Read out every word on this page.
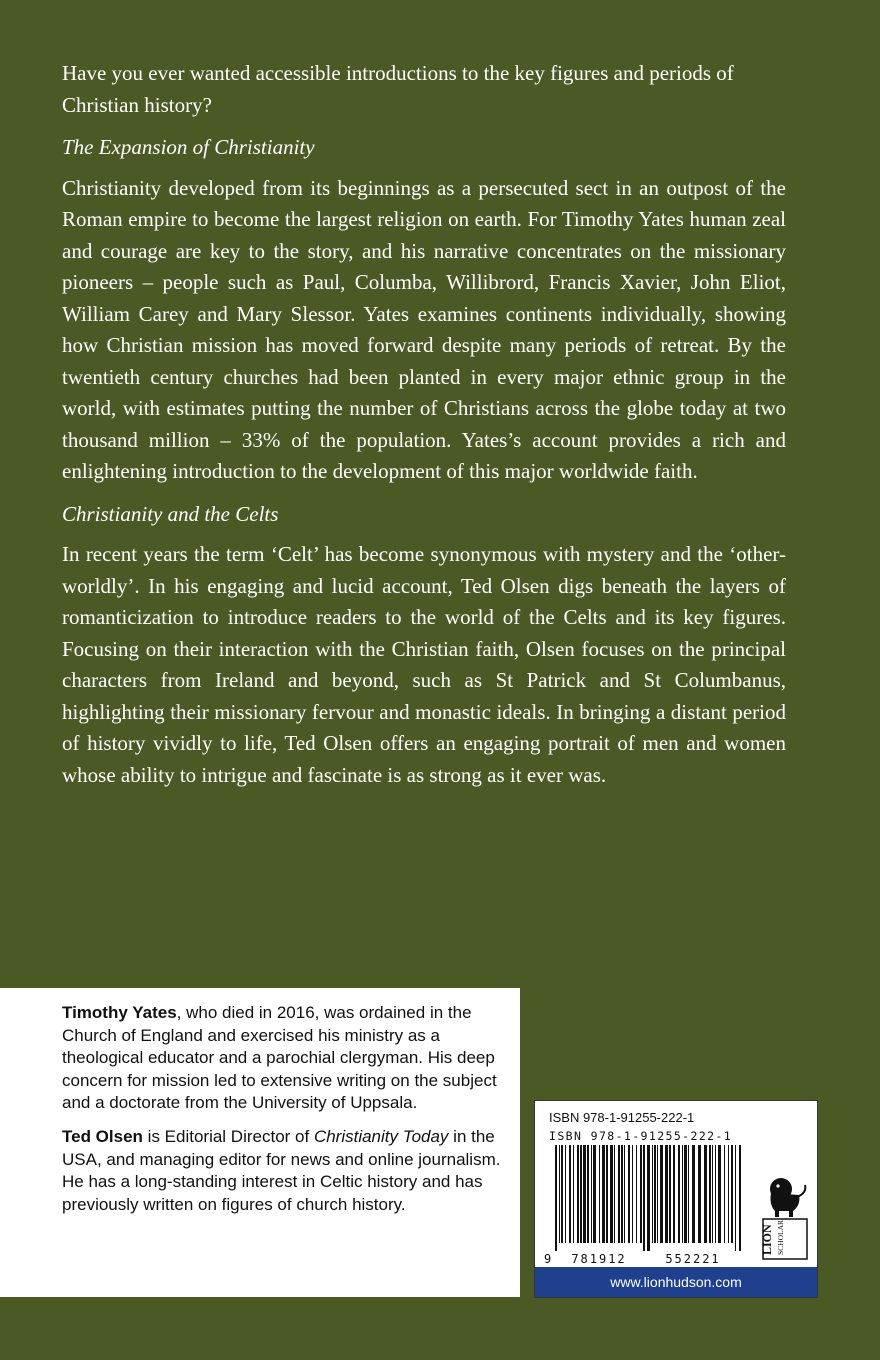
Have you ever wanted accessible introductions to the key figures and periods of Christian history?

The Expansion of Christianity

Christianity developed from its beginnings as a persecuted sect in an outpost of the Roman empire to become the largest religion on earth. For Timothy Yates human zeal and courage are key to the story, and his narrative concentrates on the missionary pioneers – people such as Paul, Columba, Willibrord, Francis Xavier, John Eliot, William Carey and Mary Slessor. Yates examines continents individually, showing how Christian mission has moved forward despite many periods of retreat. By the twentieth century churches had been planted in every major ethnic group in the world, with estimates putting the number of Christians across the globe today at two thousand million – 33% of the population. Yates’s account provides a rich and enlightening introduction to the development of this major worldwide faith.

Christianity and the Celts

In recent years the term ‘Celt’ has become synonymous with mystery and the ‘other-worldly’. In his engaging and lucid account, Ted Olsen digs beneath the layers of romanticization to introduce readers to the world of the Celts and its key figures. Focusing on their interaction with the Christian faith, Olsen focuses on the principal characters from Ireland and beyond, such as St Patrick and St Columbanus, highlighting their missionary fervour and monastic ideals. In bringing a distant period of history vividly to life, Ted Olsen offers an engaging portrait of men and women whose ability to intrigue and fascinate is as strong as it ever was.

Timothy Yates, who died in 2016, was ordained in the Church of England and exercised his ministry as a theological educator and a parochial clergyman. His deep concern for mission led to extensive writing on the subject and a doctorate from the University of Uppsala.

Ted Olsen is Editorial Director of Christianity Today in the USA, and managing editor for news and online journalism. He has a long-standing interest in Celtic history and has previously written on figures of church history.

ISBN 978-1-91255-222-1
ISBN 978-1-91255-222-1
9 781912	552221
LION SCHOLAR
www.lionhudson.com
